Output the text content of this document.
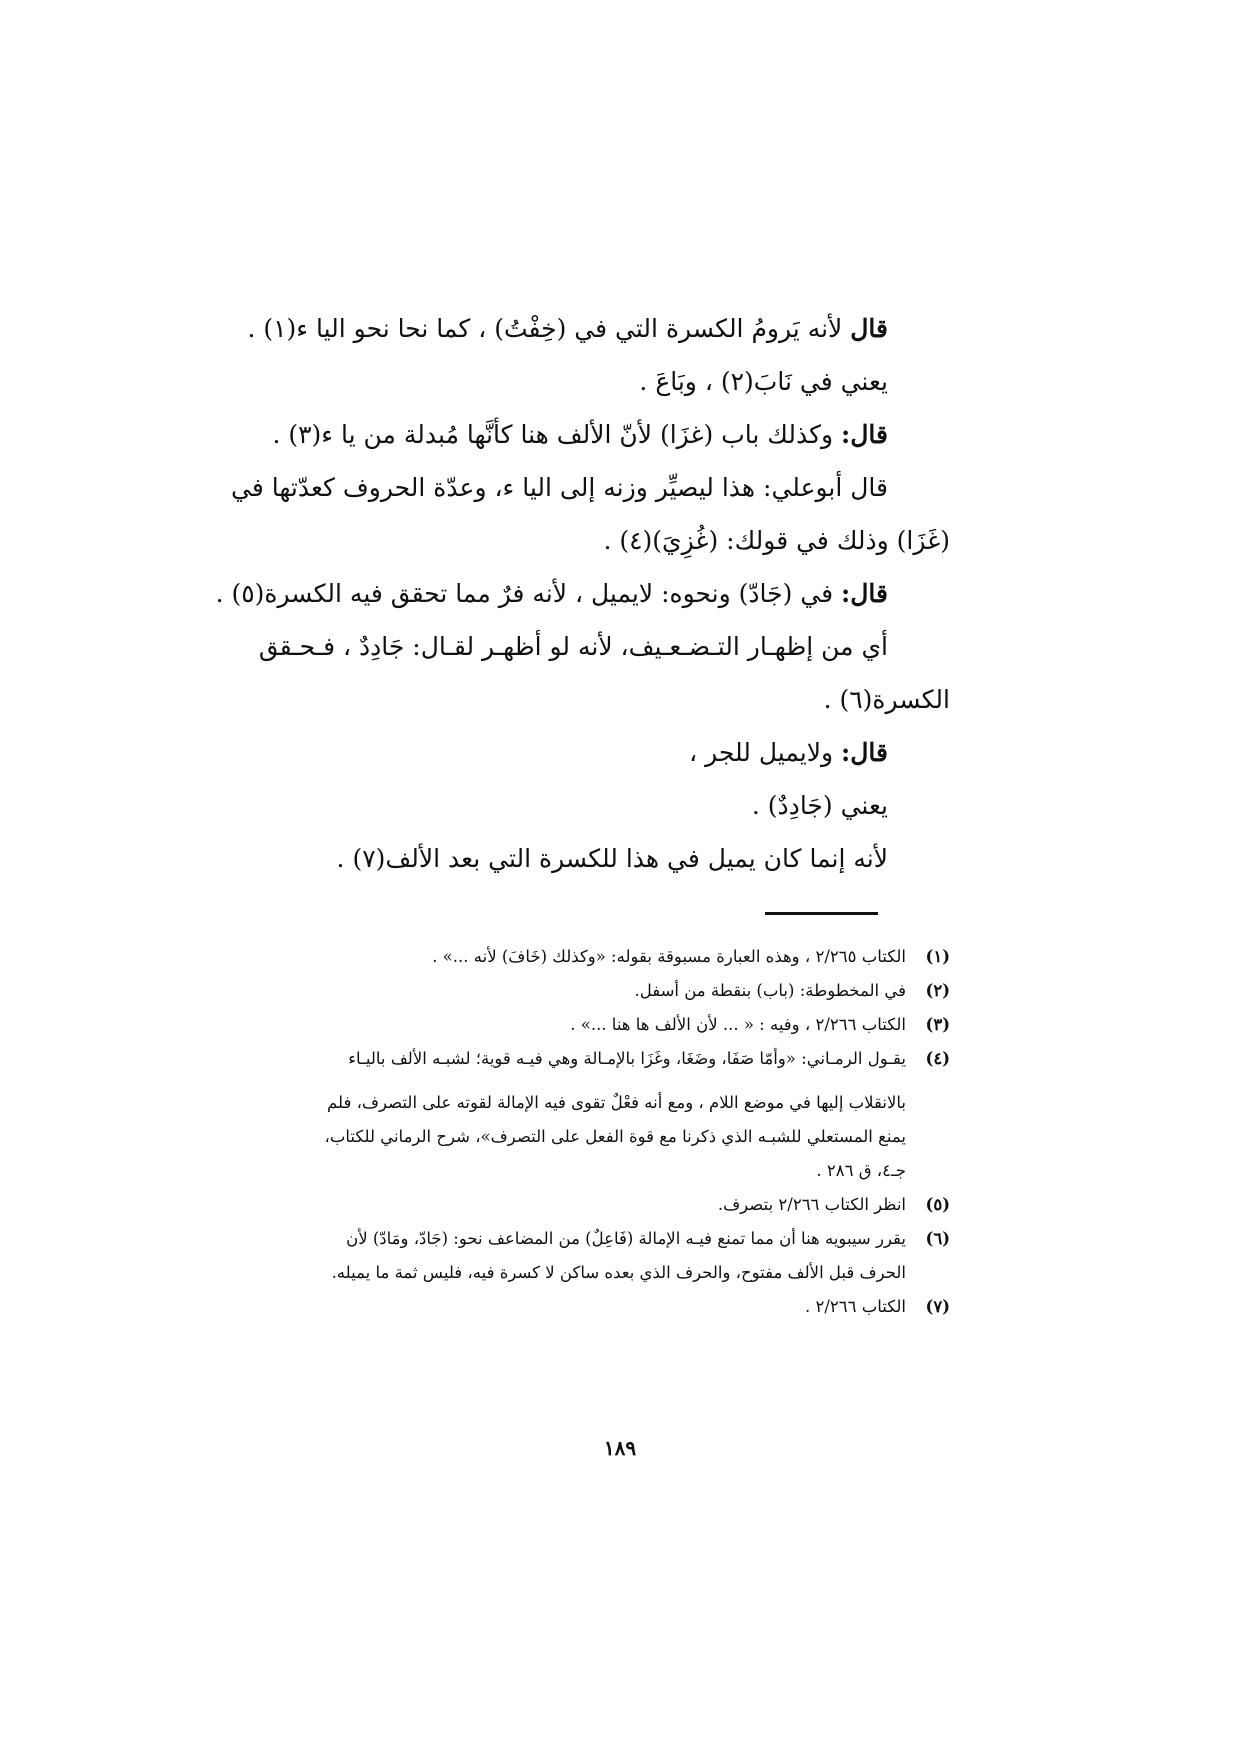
قال لأنه يَرومُ الكسرة التي في (خِفْتُ) ، كما نحا نحو اليا ء(١) .
يعني في نَابَ(٢) ، وبَاعَ .
قال: وكذلك باب (غزَا) لأنّ الألف هنا كأنَّها مُبدلة من يا ء(٣) .
قال أبوعلي: هذا ليصيِّر وزنه إلى اليا ء، وعدّة الحروف كعدّتها في
(غَزَا) وذلك في قولك: (غُزِيَ)(٤) .
قال: في (جَادّ) ونحوه: لايميل ، لأنه فرٌ مما تحقق فيه الكسرة(٥) .
أي من إظهـار التـضـعـيف، لأنه لو أظهـر لقـال: جَادِدٌ ، فـحـقق
الكسرة(٦) .
قال: ولايميل للجر ،
يعني (جَادِدٌ) .
لأنه إنما كان يميل في هذا للكسرة التي بعد الألف(٧) .
(١)
الكتاب ٢/٢٦٥ ، وهذه العبارة مسبوقة بقوله: «وكذلك (خَافَ) لأنه ...» .
(٢)
في المخطوطة: (باب) بنقطة من أسفل.
(٣)
الكتاب ٢/٢٦٦ ، وفيه : « ... لأن الألف ها هنا ...» .
(٤)
يقـول الرمـاني: «وأمّا صَفَا، وضَغَا، وغَزَا بالإمـالة وهي فيـه قوية؛ لشبـه الألف باليـاء
بالانقلاب إليها في موضع اللام ، ومع أنه فعْلٌ تقوى فيه الإمالة لقوته على التصرف، فلم
يمنع المستعلي للشبـه الذي ذكرنا مع قوة الفعل على التصرف»، شرح الرماني للكتاب،
جـ٤، ق ٢٨٦ .
(٥)
انظر الكتاب ٢/٢٦٦ بتصرف.
(٦)
يقرر سيبويه هنا أن مما تمنع فيـه الإمالة (فَاعِلٌ) من المضاعف نحو: (جَادّ، ومَادّ) لأن
الحرف قبل الألف مفتوح، والحرف الذي بعده ساكن لا كسرة فيه، فليس ثمة ما يميله.
(٧)
الكتاب ٢/٢٦٦ .
١٨٩
